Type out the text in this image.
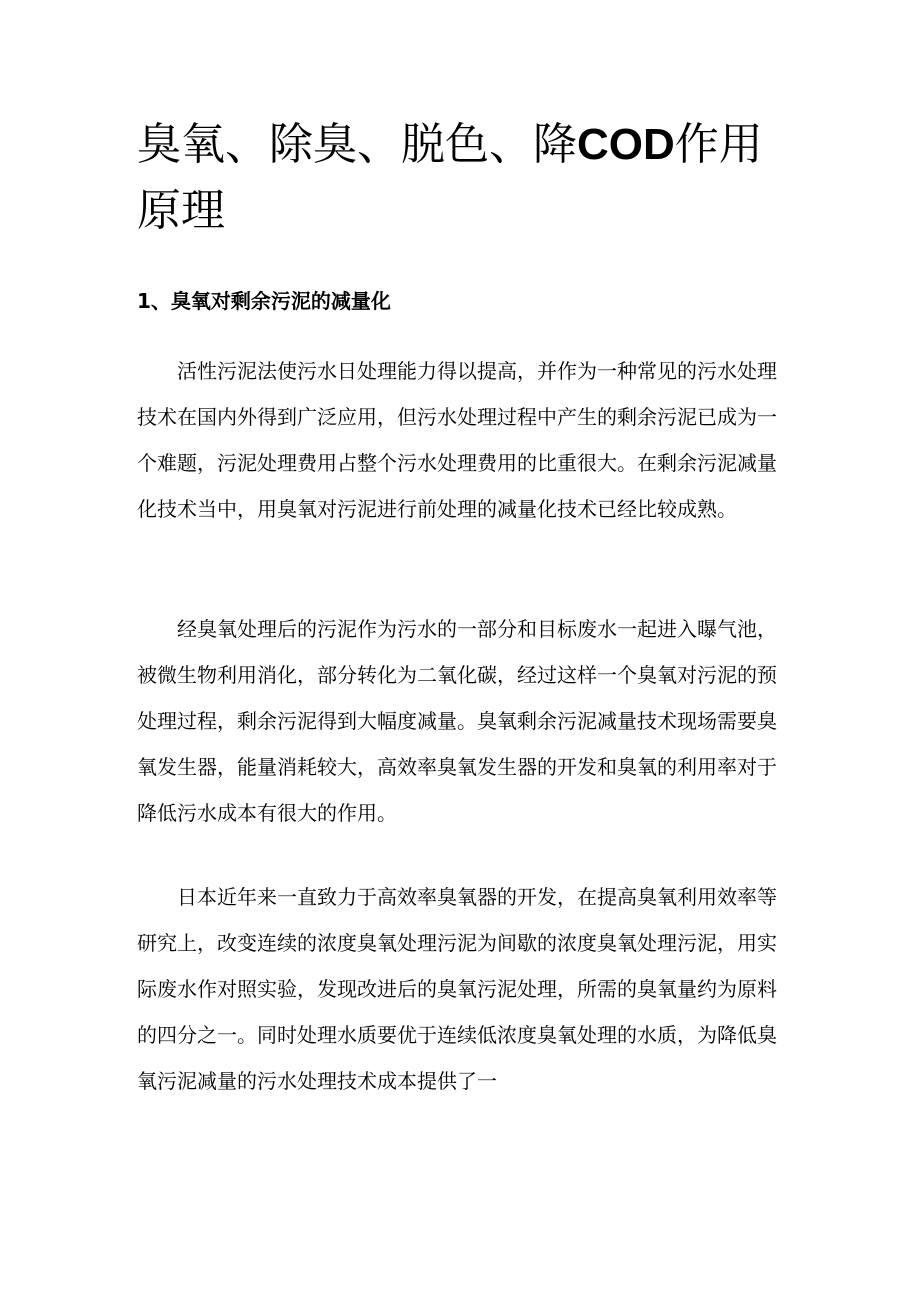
臭氧、除臭、脱色、降COD作用原理
1、臭氧对剩余污泥的减量化

活性污泥法使污水日处理能力得以提高，并作为一种常见的污水处理技术在国内外得到广泛应用，但污水处理过程中产生的剩余污泥已成为一个难题，污泥处理费用占整个污水处理费用的比重很大。在剩余污泥减量化技术当中，用臭氧对污泥进行前处理的减量化技术已经比较成熟。

经臭氧处理后的污泥作为污水的一部分和目标废水一起进入曝气池，被微生物利用消化，部分转化为二氧化碳，经过这样一个臭氧对污泥的预处理过程，剩余污泥得到大幅度减量。臭氧剩余污泥减量技术现场需要臭氧发生器，能量消耗较大，高效率臭氧发生器的开发和臭氧的利用率对于降低污水成本有很大的作用。

日本近年来一直致力于高效率臭氧器的开发，在提高臭氧利用效率等研究上，改变连续的浓度臭氧处理污泥为间歇的浓度臭氧处理污泥，用实际废水作对照实验，发现改进后的臭氧污泥处理，所需的臭氧量约为原料的四分之一。同时处理水质要优于连续低浓度臭氧处理的水质，为降低臭氧污泥减量的污水处理技术成本提供了一
